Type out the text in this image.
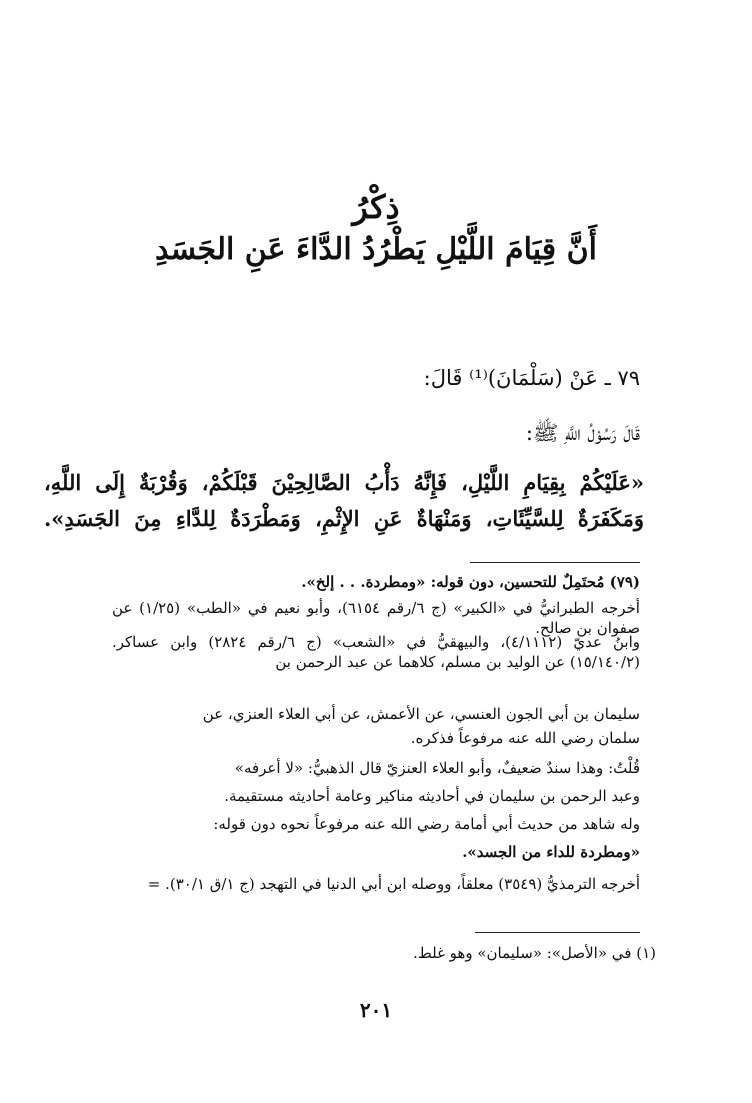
ذِكْرُ
أَنَّ قِيَامَ اللَّيْلِ يَطْرُدُ الدَّاءَ عَنِ الجَسَدِ
٧٩ ـ عَنْ (سَلْمَانَ)⁽¹⁾ قَالَ:
قَالَ رَسُوْلُ اللَّهِ ﷺ:
«عَلَيْكُمْ بِقِيَامِ اللَّيْلِ، فَإِنَّهُ دَأْبُ الصَّالِحِيْنَ قَبْلَكُمْ، وَقُرْبَةٌ إِلَى اللَّهِ،
وَمَكَفَرَةٌ لِلسَّيِّئَاتِ، وَمَنْهَاةٌ عَنِ الإِثْمِ، وَمَطْرَدَةٌ لِلدَّاءِ مِنَ الجَسَدِ».
(٧٩) مُحتَمِلٌ للتحسين، دون قوله: «ومطردة. . . إلخ».
أخرجه الطبرانيُّ في «الكبير» (ج ٦/رقم ٦١٥٤)، وأبو نعيم في «الطب» (١/٢٥) عن صفوان بن صالح.
وابنُ عديّ (٤/١١١٢)، والبيهقيُّ في «الشعب» (ج ٦/رقم ٢٨٢٤) وابن عساكر. (١٥/١٤٠/٢) عن الوليد بن مسلم، كلاهما عن عبد الرحمن بن
سليمان بن أبي الجون العنسي، عن الأعمش، عن أبي العلاء العنزي، عن
سلمان رضي الله عنه مرفوعاً فذكره.
قُلْتُ: وهذا سندٌ ضعيفٌ، وأبو العلاء العنزيّ قال الذهبيُّ: «لا أعرفه»
وعبد الرحمن بن سليمان في أحاديثه مناكير وعامة أحاديثه مستقيمة.
وله شاهد من حديث أبي أمامة رضي الله عنه مرفوعاً نحوه دون قوله:
«ومطردة للداء من الجسد».
أخرجه الترمذيُّ (٣٥٤٩) معلقاً، ووصله ابن أبي الدنيا في التهجد (ج ١/ق ٣٠/١). =
(١) في «الأصل»: «سليمان» وهو غلط.
٢٠١
